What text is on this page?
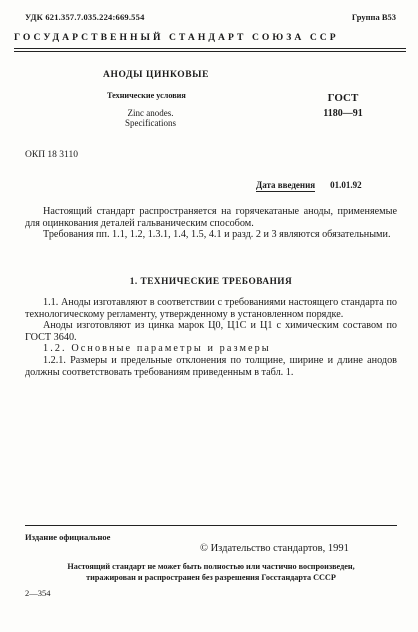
УДК 621.357.7.035.224:669.554	Группа В53
ГОСУДАРСТВЕННЫЙ СТАНДАРТ СОЮЗА ССР
АНОДЫ ЦИНКОВЫЕ
Технические условия
Zinc anodes.
Specifications
ГОСТ
1180—91
ОКП 18 3110
Дата введения 01.01.92

Настоящий стандарт распространяется на горячекатаные аноды, применяемые для оцинкования деталей гальваническим способом.

Требования пп. 1.1, 1.2, 1.3.1, 1.4, 1.5, 4.1 и разд. 2 и 3 являются обязательными.

1. ТЕХНИЧЕСКИЕ ТРЕБОВАНИЯ

1.1. Аноды изготавляют в соответствии с требованиями настоящего стандарта по технологическому регламенту, утвержденному в установленном порядке.

Аноды изготовляют из цинка марок Ц0, Ц1С и Ц1 с химическим составом по ГОСТ 3640.

1.2. Основные параметры и размеры

1.2.1. Размеры и предельные отклонения по толщине, ширине и длине анодов должны соответствовать требованиям приведенным в табл. 1.

Издание официальное
© Издательство стандартов, 1991
Настоящий стандарт не может быть полностью или частично воспроизведен,
тиражирован и распространен без разрешения Госстандарта СССР
2—354
